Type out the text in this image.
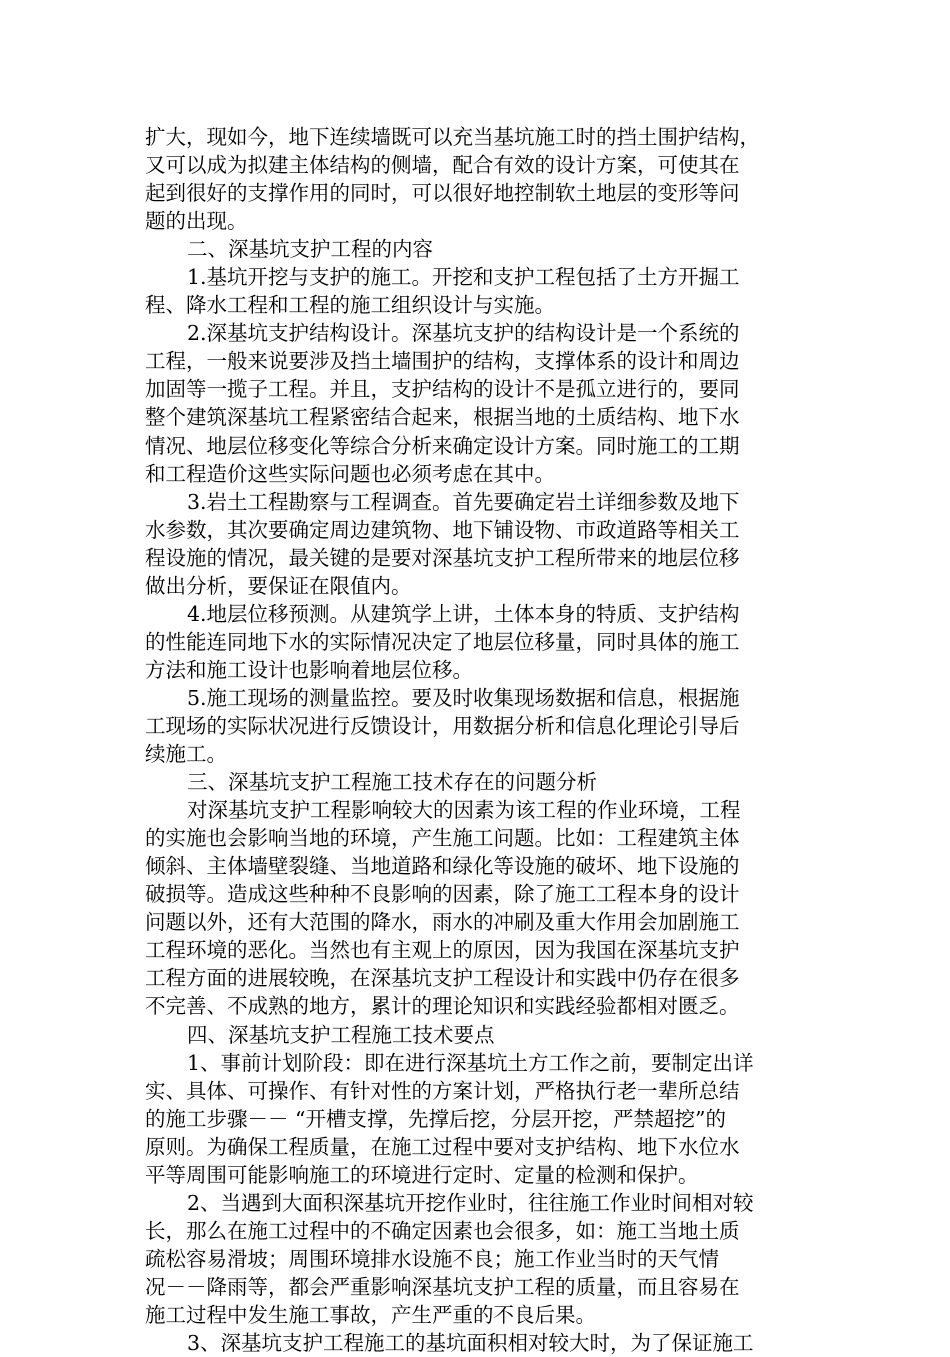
扩大，现如今，地下连续墙既可以充当基坑施工时的挡土围护结构，
又可以成为拟建主体结构的侧墙，配合有效的设计方案，可使其在
起到很好的支撑作用的同时，可以很好地控制软土地层的变形等问
题的出现。
二、深基坑支护工程的内容
1.基坑开挖与支护的施工。开挖和支护工程包括了土方开掘工
程、降水工程和工程的施工组织设计与实施。
2.深基坑支护结构设计。深基坑支护的结构设计是一个系统的
工程，一般来说要涉及挡土墙围护的结构，支撑体系的设计和周边
加固等一揽子工程。并且，支护结构的设计不是孤立进行的，要同
整个建筑深基坑工程紧密结合起来，根据当地的土质结构、地下水
情况、地层位移变化等综合分析来确定设计方案。同时施工的工期
和工程造价这些实际问题也必须考虑在其中。
3.岩土工程勘察与工程调查。首先要确定岩土详细参数及地下
水参数，其次要确定周边建筑物、地下铺设物、市政道路等相关工
程设施的情况，最关键的是要对深基坑支护工程所带来的地层位移
做出分析，要保证在限值内。
4.地层位移预测。从建筑学上讲，土体本身的特质、支护结构
的性能连同地下水的实际情况决定了地层位移量，同时具体的施工
方法和施工设计也影响着地层位移。
5.施工现场的测量监控。要及时收集现场数据和信息，根据施
工现场的实际状况进行反馈设计，用数据分析和信息化理论引导后
续施工。
三、深基坑支护工程施工技术存在的问题分析
对深基坑支护工程影响较大的因素为该工程的作业环境，工程
的实施也会影响当地的环境，产生施工问题。比如：工程建筑主体
倾斜、主体墙壁裂缝、当地道路和绿化等设施的破坏、地下设施的
破损等。造成这些种种不良影响的因素，除了施工工程本身的设计
问题以外，还有大范围的降水，雨水的冲刷及重大作用会加剧施工
工程环境的恶化。当然也有主观上的原因，因为我国在深基坑支护
工程方面的进展较晚，在深基坑支护工程设计和实践中仍存在很多
不完善、不成熟的地方，累计的理论知识和实践经验都相对匮乏。
四、深基坑支护工程施工技术要点
1、事前计划阶段：即在进行深基坑土方工作之前，要制定出详
实、具体、可操作、有针对性的方案计划，严格执行老一辈所总结
的施工步骤－－ “开槽支撑，先撑后挖，分层开挖，严禁超挖”的
原则。为确保工程质量，在施工过程中要对支护结构、地下水位水
平等周围可能影响施工的环境进行定时、定量的检测和保护。
2、当遇到大面积深基坑开挖作业时，往往施工作业时间相对较
长，那么在施工过程中的不确定因素也会很多，如：施工当地土质
疏松容易滑坡；周围环境排水设施不良；施工作业当时的天气情
况－－降雨等，都会严重影响深基坑支护工程的质量，而且容易在
施工过程中发生施工事故，产生严重的不良后果。
3、深基坑支护工程施工的基坑面积相对较大时，为了保证施工
